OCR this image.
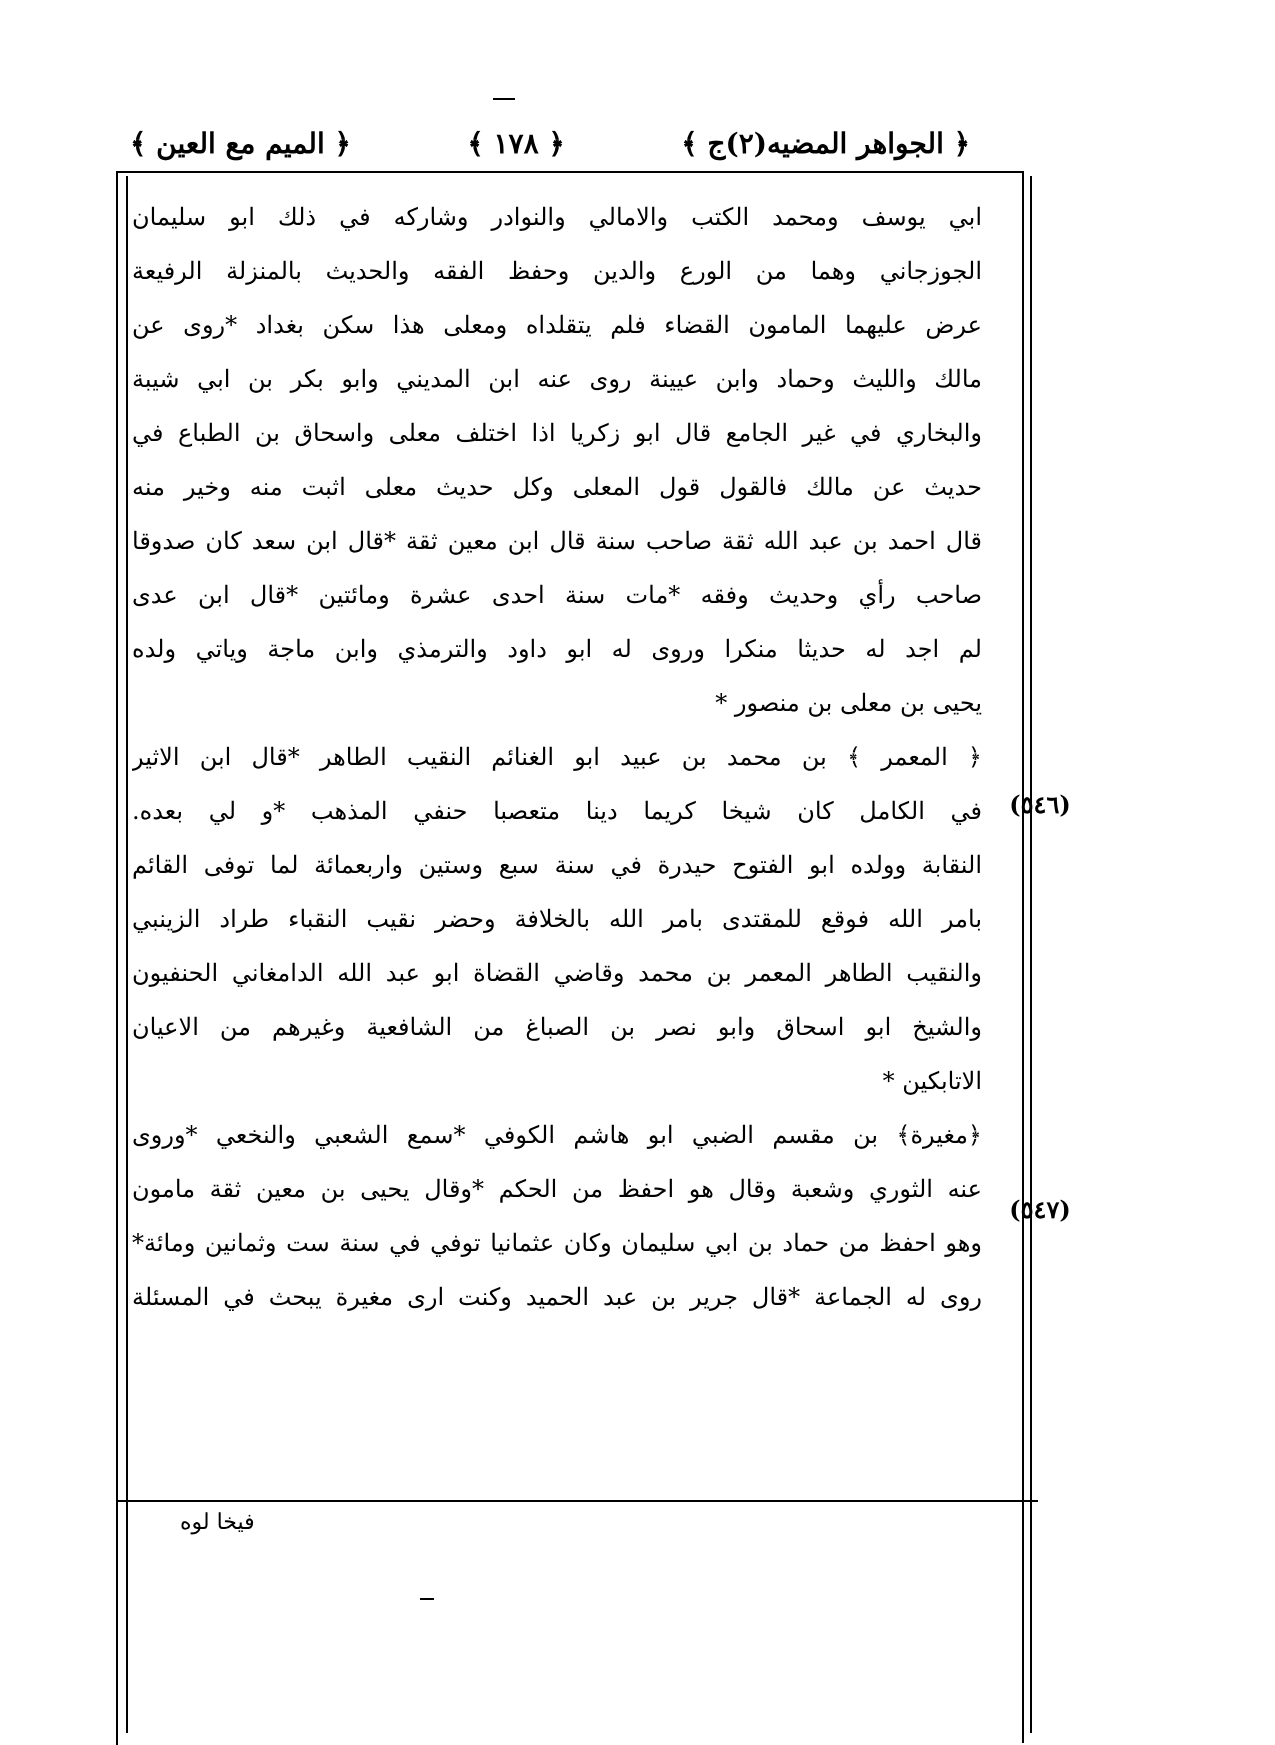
﴿ الجواهر المضيه(٢)ج ﴾
﴿ ١٧٨ ﴾
﴿ الميم مع العين ﴾
ابي يوسف ومحمد الكتب والامالي والنوادر وشاركه في ذلك ابو سليمان
الجوزجاني وهما من الورع والدين وحفظ الفقه والحديث بالمنزلة الرفيعة
عرض عليهما المامون القضاء فلم يتقلداه ومعلى هذا سكن بغداد *روى عن
مالك والليث وحماد وابن عيينة روى عنه ابن المديني وابو بكر بن ابي شيبة
والبخاري في غير الجامع قال ابو زكريا اذا اختلف معلى واسحاق بن الطباع في
حديث عن مالك فالقول قول المعلى وكل حديث معلى اثبت منه وخير منه
قال احمد بن عبد الله ثقة صاحب سنة قال ابن معين ثقة *قال ابن سعد كان صدوقا
صاحب رأي وحديث وفقه *مات سنة احدى عشرة ومائتين *قال ابن عدى
لم اجد له حديثا منكرا وروى له ابو داود والترمذي وابن ماجة وياتي ولده
يحيى بن معلى بن منصور *
﴿ المعمر ﴾ بن محمد بن عبيد ابو الغنائم النقيب الطاهر *قال ابن الاثير
في الكامل كان شيخا كريما دينا متعصبا حنفي المذهب *و لي بعده.
النقابة وولده ابو الفتوح حيدرة في سنة سبع وستين واربعمائة لما توفى القائم
بامر الله فوقع للمقتدى بامر الله بالخلافة وحضر نقيب النقباء طراد الزينبي
والنقيب الطاهر المعمر بن محمد وقاضي القضاة ابو عبد الله الدامغاني الحنفيون
والشيخ ابو اسحاق وابو نصر بن الصباغ من الشافعية وغيرهم من الاعيان
الاتابكين *
﴿مغيرة﴾ بن مقسم الضبي ابو هاشم الكوفي *سمع الشعبي والنخعي *وروى
عنه الثوري وشعبة وقال هو احفظ من الحكم *وقال يحيى بن معين ثقة مامون
وهو احفظ من حماد بن ابي سليمان وكان عثمانيا توفي في سنة ست وثمانين ومائة*
روى له الجماعة *قال جرير بن عبد الحميد وكنت ارى مغيرة يبحث في المسئلة
(٥٤٦)
(٥٤٧)
فيخا لوه
